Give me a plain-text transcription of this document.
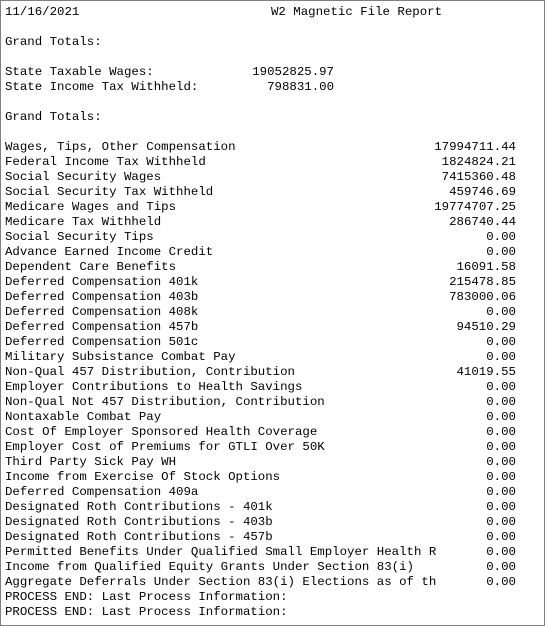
11/16/2021	W2 Magnetic File Report
Grand Totals:
State Taxable Wages:	19052825.97
State Income Tax Withheld:	798831.00
Grand Totals:
Wages, Tips, Other Compensation	17994711.44
Federal Income Tax Withheld	1824824.21
Social Security Wages	7415360.48
Social Security Tax Withheld	459746.69
Medicare Wages and Tips	19774707.25
Medicare Tax Withheld	286740.44
Social Security Tips	0.00
Advance Earned Income Credit	0.00
Dependent Care Benefits	16091.58
Deferred Compensation 401k	215478.85
Deferred Compensation 403b	783000.06
Deferred Compensation 408k	0.00
Deferred Compensation 457b	94510.29
Deferred Compensation 501c	0.00
Military Subsistance Combat Pay	0.00
Non-Qual 457 Distribution, Contribution	41019.55
Employer Contributions to Health Savings	0.00
Non-Qual Not 457 Distribution, Contribution	0.00
Nontaxable Combat Pay	0.00
Cost Of Employer Sponsored Health Coverage	0.00
Employer Cost of Premiums for GTLI Over 50K	0.00
Third Party Sick Pay WH	0.00
Income from Exercise Of Stock Options	0.00
Deferred Compensation 409a	0.00
Designated Roth Contributions - 401k	0.00
Designated Roth Contributions - 403b	0.00
Designated Roth Contributions - 457b	0.00
Permitted Benefits Under Qualified Small Employer Health R	0.00
Income from Qualified Equity Grants Under Section 83(i)	0.00
Aggregate Deferrals Under Section 83(i) Elections as of th	0.00
PROCESS END: Last Process Information:
PROCESS END: Last Process Information:
